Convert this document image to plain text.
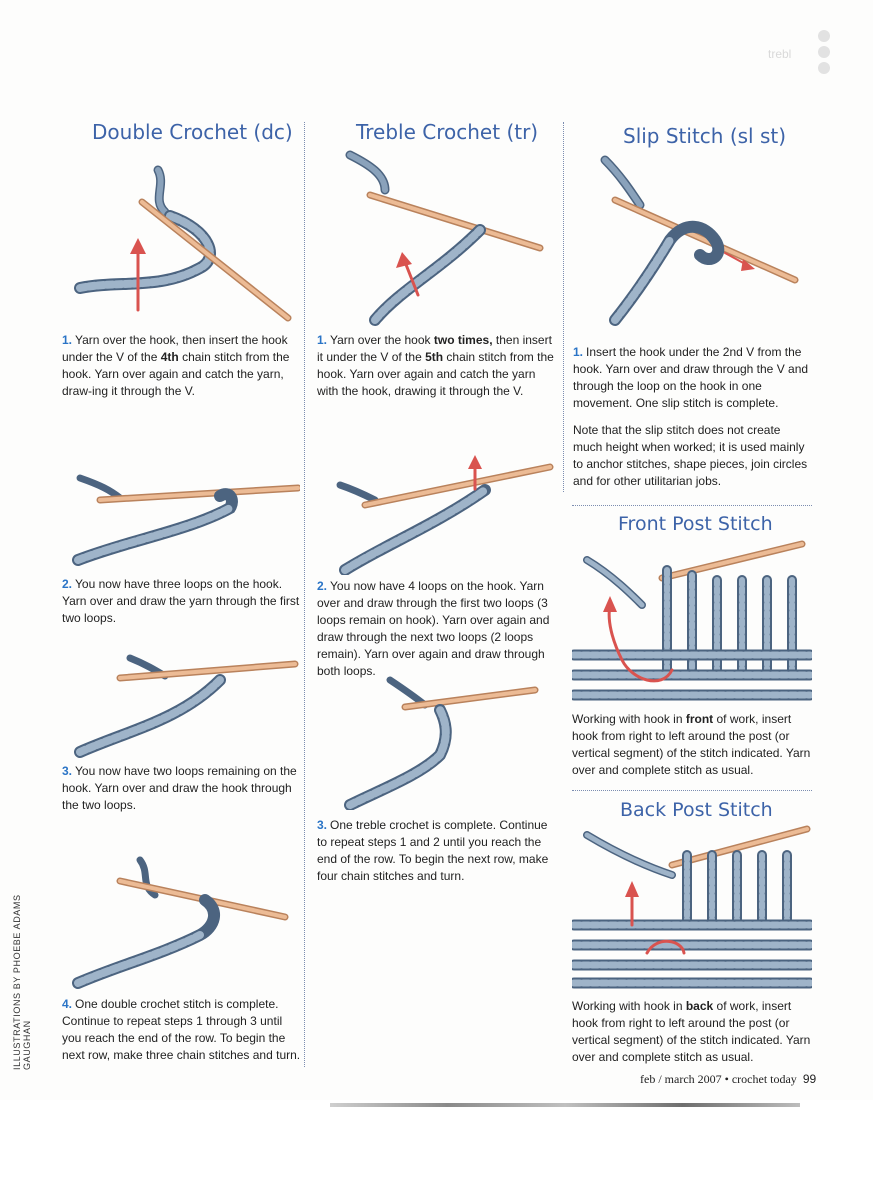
trebl
ILLUSTRATIONS BY PHOEBE ADAMS GAUGHAN
Double Crochet (dc)

1. Yarn over the hook, then insert the hook under the V of the 4th chain stitch from the hook. Yarn over again and catch the yarn, draw-ing it through the V.

2. You now have three loops on the hook. Yarn over and draw the yarn through the first two loops.

3. You now have two loops remaining on the hook. Yarn over and draw the hook through the two loops.

4. One double crochet stitch is complete. Continue to repeat steps 1 through 3 until you reach the end of the row. To begin the next row, make three chain stitches and turn.

Treble Crochet (tr)

1. Yarn over the hook two times, then insert it under the V of the 5th chain stitch from the hook. Yarn over again and catch the yarn with the hook, drawing it through the V.

2. You now have 4 loops on the hook. Yarn over and draw through the first two loops (3 loops remain on hook). Yarn over again and draw through the next two loops (2 loops remain). Yarn over again and draw through both loops.

3. One treble crochet is complete. Continue to repeat steps 1 and 2 until you reach the end of the row. To begin the next row, make four chain stitches and turn.

Slip Stitch (sl st)

1. Insert the hook under the 2nd V from the hook. Yarn over and draw through the V and through the loop on the hook in one movement. One slip stitch is complete.

Note that the slip stitch does not create much height when worked; it is used mainly to anchor stitches, shape pieces, join circles and for other utilitarian jobs.

Front Post Stitch

Working with hook in front of work, insert hook from right to left around the post (or vertical segment) of the stitch indicated. Yarn over and complete stitch as usual.

Back Post Stitch

Working with hook in back of work, insert hook from right to left around the post (or vertical segment) of the stitch indicated. Yarn over and complete stitch as usual.

feb / march 2007 • crochet today 99
